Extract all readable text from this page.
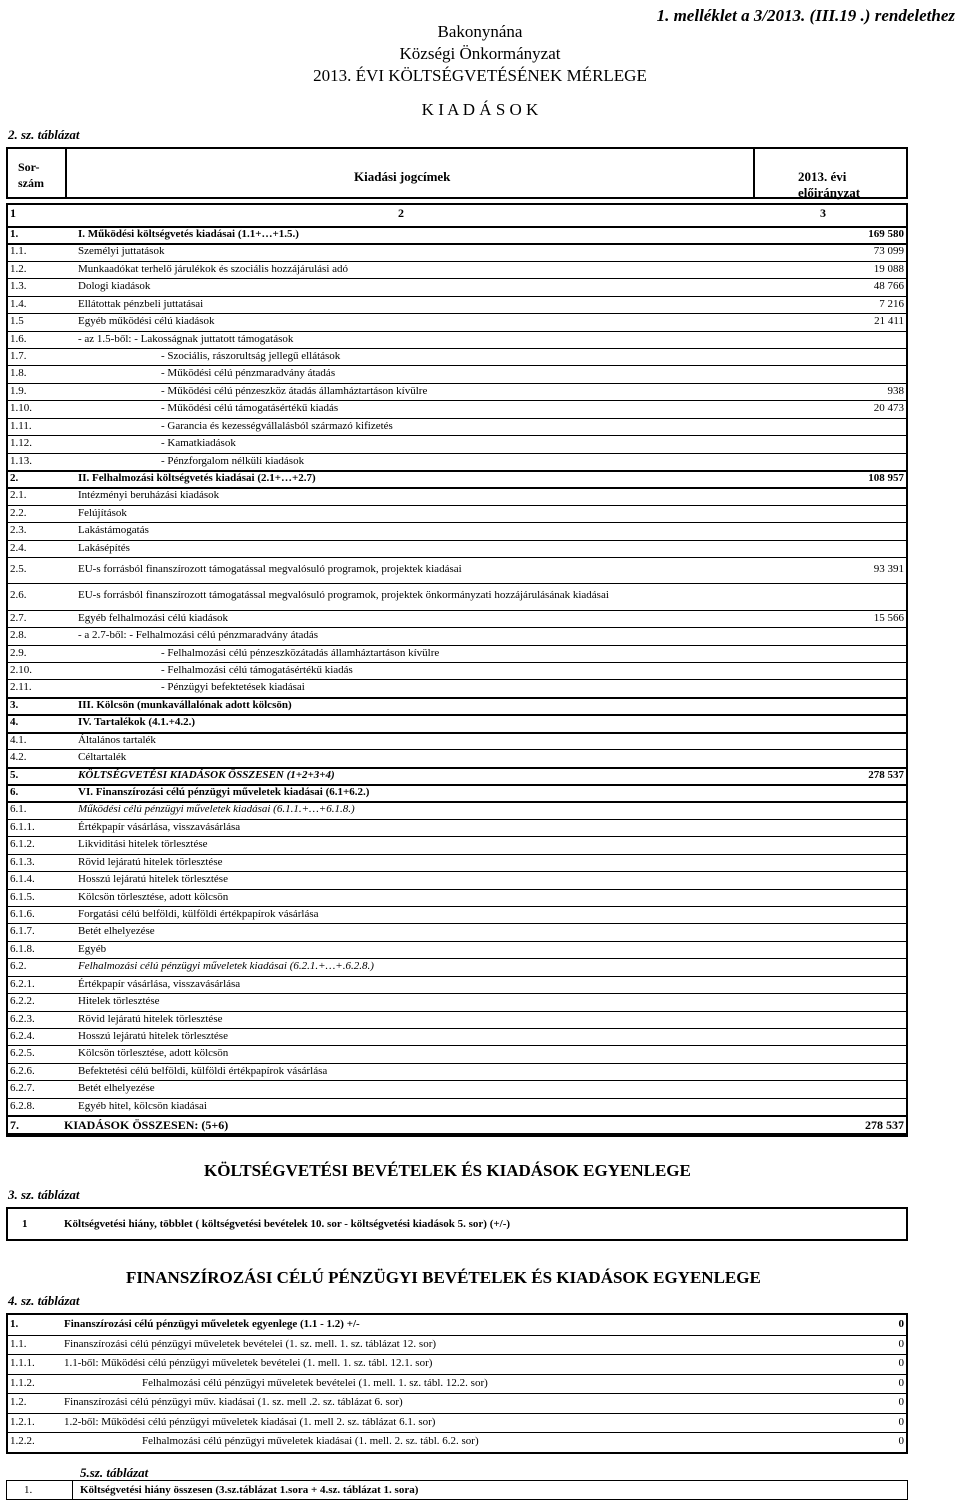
1. melléklet a 3/2013. (III.19 .) rendelethez
Bakonynána
Községi Önkormányzat
2013. ÉVI KÖLTSÉGVETÉSÉNEK MÉRLEGE
K I A D Á S O K
2. sz. táblázat
Sor-
szám	Kiadási jogcímek	2013. évi előirányzat
1	2	3
1.	I. Működési költségvetés kiadásai (1.1+…+1.5.)	169 580
1.1.	Személyi juttatások	73 099
1.2.	Munkaadókat terhelő járulékok és szociális hozzájárulási adó	19 088
1.3.	Dologi kiadások	48 766
1.4.	Ellátottak pénzbeli juttatásai	7 216
1.5	Egyéb működési célú kiadások	21 411
1.6.	- az 1.5-ből: - Lakosságnak juttatott támogatások
1.7.	- Szociális, rászorultság jellegű ellátások
1.8.	- Működési célú pénzmaradvány átadás
1.9.	- Működési célú pénzeszköz átadás államháztartáson kívülre	938
1.10.	- Működési célú támogatásértékű kiadás	20 473
1.11.	- Garancia és kezességvállalásból származó kifizetés
1.12.	- Kamatkiadások
1.13.	- Pénzforgalom nélküli kiadások
2.	II. Felhalmozási költségvetés kiadásai (2.1+…+2.7)	108 957
2.1.	Intézményi beruházási kiadások
2.2.	Felújítások
2.3.	Lakástámogatás
2.4.	Lakásépítés
2.5.	EU-s forrásból finanszírozott támogatással megvalósuló programok, projektek kiadásai	93 391
2.6.	EU-s forrásból finanszírozott támogatással megvalósuló programok, projektek önkormányzati hozzájárulásának kiadásai
2.7.	Egyéb felhalmozási célú kiadások	15 566
2.8.	- a 2.7-ből: - Felhalmozási célú pénzmaradvány átadás
2.9.	- Felhalmozási célú pénzeszközátadás államháztartáson kívülre
2.10.	- Felhalmozási célú támogatásértékű kiadás
2.11.	- Pénzügyi befektetések kiadásai
3.	III. Kölcsön (munkavállalónak adott kölcsön)
4.	IV. Tartalékok (4.1.+4.2.)
4.1.	Általános tartalék
4.2.	Céltartalék
5.	KÖLTSÉGVETÉSI KIADÁSOK ÖSSZESEN (1+2+3+4)	278 537
6.	VI. Finanszírozási célú pénzügyi műveletek kiadásai (6.1+6.2.)
6.1.	Működési célú pénzügyi műveletek kiadásai (6.1.1.+…+6.1.8.)
6.1.1.	Értékpapír vásárlása, visszavásárlása
6.1.2.	Likviditási hitelek törlesztése
6.1.3.	Rövid lejáratú hitelek törlesztése
6.1.4.	Hosszú lejáratú hitelek törlesztése
6.1.5.	Kölcsön törlesztése, adott kölcsön
6.1.6.	Forgatási célú belföldi, külföldi értékpapírok vásárlása
6.1.7.	Betét elhelyezése
6.1.8.	Egyéb
6.2.	Felhalmozási célú pénzügyi műveletek kiadásai (6.2.1.+…+.6.2.8.)
6.2.1.	Értékpapír vásárlása, visszavásárlása
6.2.2.	Hitelek törlesztése
6.2.3.	Rövid lejáratú hitelek törlesztése
6.2.4.	Hosszú lejáratú hitelek törlesztése
6.2.5.	Kölcsön törlesztése, adott kölcsön
6.2.6.	Befektetési célú belföldi, külföldi értékpapírok vásárlása
6.2.7.	Betét elhelyezése
6.2.8.	Egyéb hitel, kölcsön kiadásai
7.	KIADÁSOK ÖSSZESEN: (5+6)	278 537
3. sz. táblázat
KÖLTSÉGVETÉSI BEVÉTELEK ÉS KIADÁSOK EGYENLEGE
1	Költségvetési hiány, többlet ( költségvetési bevételek 10. sor - költségvetési kiadások 5. sor) (+/-)
4. sz. táblázat
FINANSZÍROZÁSI CÉLÚ PÉNZÜGYI BEVÉTELEK ÉS KIADÁSOK EGYENLEGE
1.	Finanszírozási célú pénzügyi műveletek egyenlege (1.1 - 1.2) +/-	0
1.1.	Finanszírozási célú pénzügyi műveletek bevételei (1. sz. mell. 1. sz. táblázat 12. sor)	0
1.1.1.	1.1-ből: Működési célú pénzügyi műveletek bevételei (1. mell. 1. sz. tábl. 12.1. sor)	0
1.1.2.	Felhalmozási célú pénzügyi műveletek bevételei (1. mell. 1. sz. tábl. 12.2. sor)	0
1.2.	Finanszírozási célú pénzügyi műv. kiadásai (1. sz. mell .2. sz. táblázat 6. sor)	0
1.2.1.	1.2-ből: Működési célú pénzügyi műveletek kiadásai (1. mell 2. sz. táblázat 6.1. sor)	0
1.2.2.	Felhalmozási célú pénzügyi műveletek kiadásai (1. mell. 2. sz. tábl. 6.2. sor)	0
5.sz. táblázat
1.	Költségvetési hiány összesen (3.sz.táblázat 1.sora + 4.sz. táblázat 1. sora)
